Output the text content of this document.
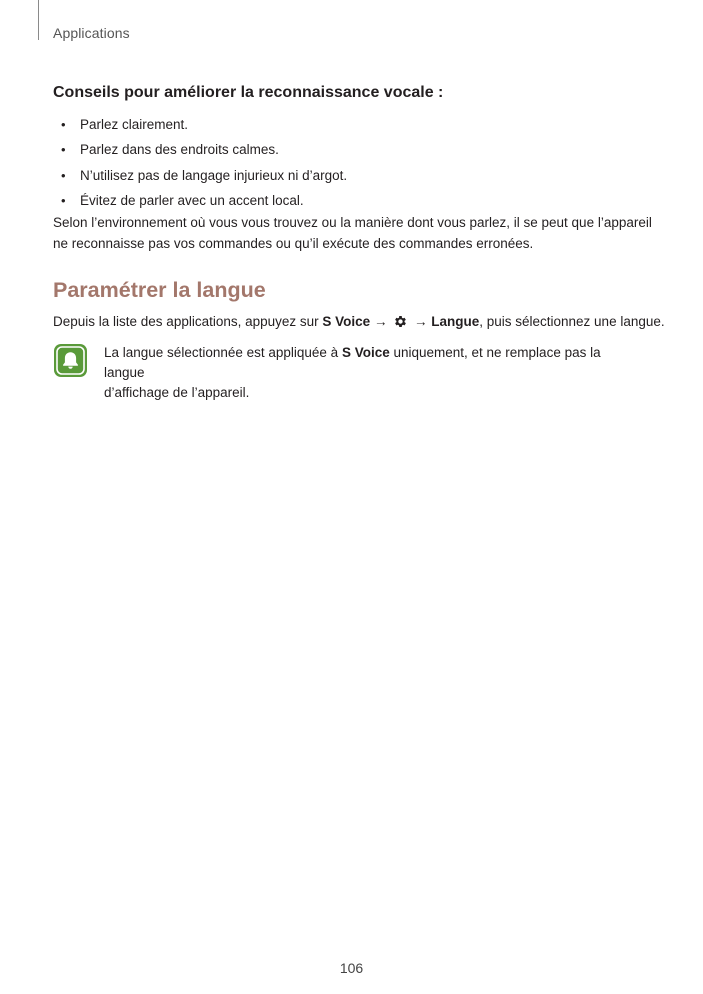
Applications
Conseils pour améliorer la reconnaissance vocale :
• Parlez clairement.
• Parlez dans des endroits calmes.
• N’utilisez pas de langage injurieux ni d’argot.
• Évitez de parler avec un accent local.

Selon l’environnement où vous vous trouvez ou la manière dont vous parlez, il se peut que l’appareil
ne reconnaisse pas vos commandes ou qu’il exécute des commandes erronées.

Paramétrer la langue

Depuis la liste des applications, appuyez sur S Voice →  → Langue, puis sélectionnez une langue.

La langue sélectionnée est appliquée à S Voice uniquement, et ne remplace pas la langue
d’affichage de l’appareil.

106
